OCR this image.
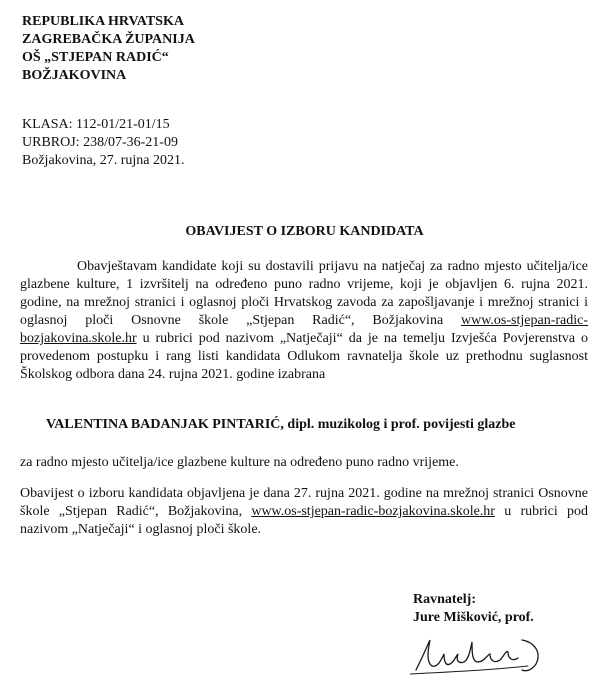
REPUBLIKA HRVATSKA
ZAGREBAČKA ŽUPANIJA
OŠ „STJEPAN RADIĆ“
BOŽJAKOVINA
KLASA: 112-01/21-01/15
URBROJ: 238/07-36-21-09
Božjakovina, 27. rujna 2021.
OBAVIJEST O IZBORU KANDIDATA
Obavještavam kandidate koji su dostavili prijavu na natječaj za radno mjesto učitelja/ice glazbene kulture, 1 izvršitelj na određeno puno radno vrijeme, koji je objavljen 6. rujna 2021. godine, na mrežnoj stranici i oglasnoj ploči Hrvatskog zavoda za zapošljavanje i mrežnoj stranici i oglasnoj ploči Osnovne škole „Stjepan Radić“, Božjakovina www.os-stjepan-radic-bozjakovina.skole.hr u rubrici pod nazivom „Natječaji“ da je na temelju Izvješća Povjerenstva o provedenom postupku i rang listi kandidata Odlukom ravnatelja škole uz prethodnu suglasnost Školskog odbora dana 24. rujna 2021. godine izabrana
VALENTINA BADANJAK PINTARIĆ, dipl. muzikolog i prof. povijesti glazbe
za radno mjesto učitelja/ice glazbene kulture na određeno puno radno vrijeme.
Obavijest o izboru kandidata objavljena je dana 27. rujna 2021. godine na mrežnoj stranici Osnovne škole „Stjepan Radić“, Božjakovina, www.os-stjepan-radic-bozjakovina.skole.hr u rubrici pod nazivom „Natječaji“ i oglasnoj ploči škole.
Ravnatelj:
Jure Mišković, prof.
